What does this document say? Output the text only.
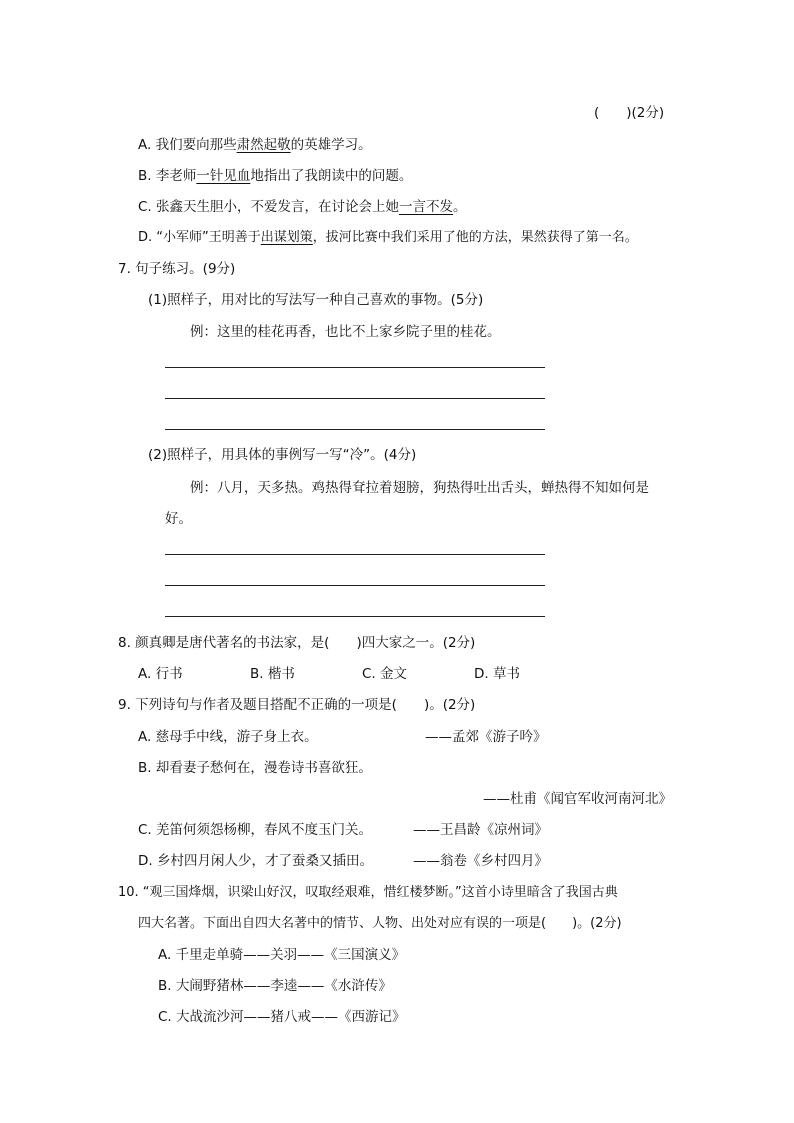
(　　)(2分)
A. 我们要向那些肃然起敬的英雄学习。
B. 李老师一针见血地指出了我朗读中的问题。
C. 张鑫天生胆小，不爱发言，在讨论会上她一言不发。
D. “小军师”王明善于出谋划策，拔河比赛中我们采用了他的方法，果然获得了第一名。
7. 句子练习。(9分)
(1)照样子，用对比的写法写一种自己喜欢的事物。(5分)
例：这里的桂花再香，也比不上家乡院子里的桂花。
(2)照样子，用具体的事例写一写“冷”。(4分)
例：八月，天多热。鸡热得耷拉着翅膀，狗热得吐出舌头，蝉热得不知如何是
好。
8. 颜真卿是唐代著名的书法家，是(　　)四大家之一。(2分)
A. 行书	B. 楷书	C. 金文	D. 草书
9. 下列诗句与作者及题目搭配不正确的一项是(　　)。(2分)
A. 慈母手中线，游子身上衣。	——孟郊《游子吟》
B. 却看妻子愁何在，漫卷诗书喜欲狂。
——杜甫《闻官军收河南河北》
C. 羌笛何须怨杨柳，春风不度玉门关。	——王昌龄《凉州词》
D. 乡村四月闲人少，才了蚕桑又插田。	——翁卷《乡村四月》
10. “观三国烽烟，识梁山好汉，叹取经艰难，惜红楼梦断。”这首小诗里暗含了我国古典
四大名著。下面出自四大名著中的情节、人物、出处对应有误的一项是(　　)。(2分)
A. 千里走单骑——关羽——《三国演义》
B. 大闹野猪林——李逵——《水浒传》
C. 大战流沙河——猪八戒——《西游记》
